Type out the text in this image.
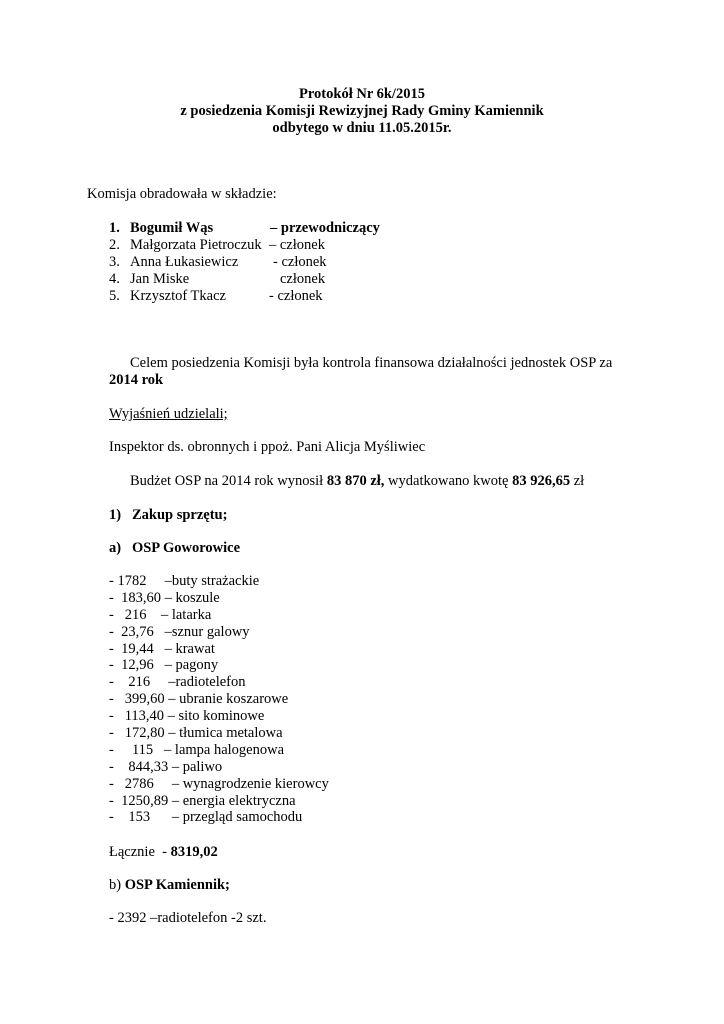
Protokół Nr 6k/2015
z posiedzenia Komisji Rewizyjnej Rady Gminy Kamiennik
odbytego w dniu 11.05.2015r.
Komisja obradowała w składzie:
1. Bogumił Wąs	– przewodniczący
2. Małgorzata Pietroczuk – członek
3. Anna Łukasiewicz - członek
4. Jan Miske	członek
5. Krzysztof Tkacz	- członek
Celem posiedzenia Komisji była kontrola finansowa działalności jednostek OSP za
2014 rok
Wyjaśnień udzielali;
Inspektor ds. obronnych i ppoż. Pani Alicja Myśliwiec
Budżet OSP na 2014 rok wynosił 83 870 zł, wydatkowano kwotę 83 926,65 zł
1)   Zakup sprzętu;
a)   OSP Goworowice
- 1782     –buty strażackie
-  183,60 – koszule
-   216    – latarka
-  23,76   –sznur galowy
-  19,44   – krawat
-  12,96   – pagony
-    216     –radiotelefon
-   399,60 – ubranie koszarowe
-   113,40 – sito kominowe
-   172,80 – tłumica metalowa
-     115   – lampa halogenowa
-    844,33 – paliwo
-   2786     – wynagrodzenie kierowcy
-  1250,89 – energia elektryczna
-    153      – przegląd samochodu
Łącznie  - 8319,02
b) OSP Kamiennik;
- 2392 –radiotelefon -2 szt.
